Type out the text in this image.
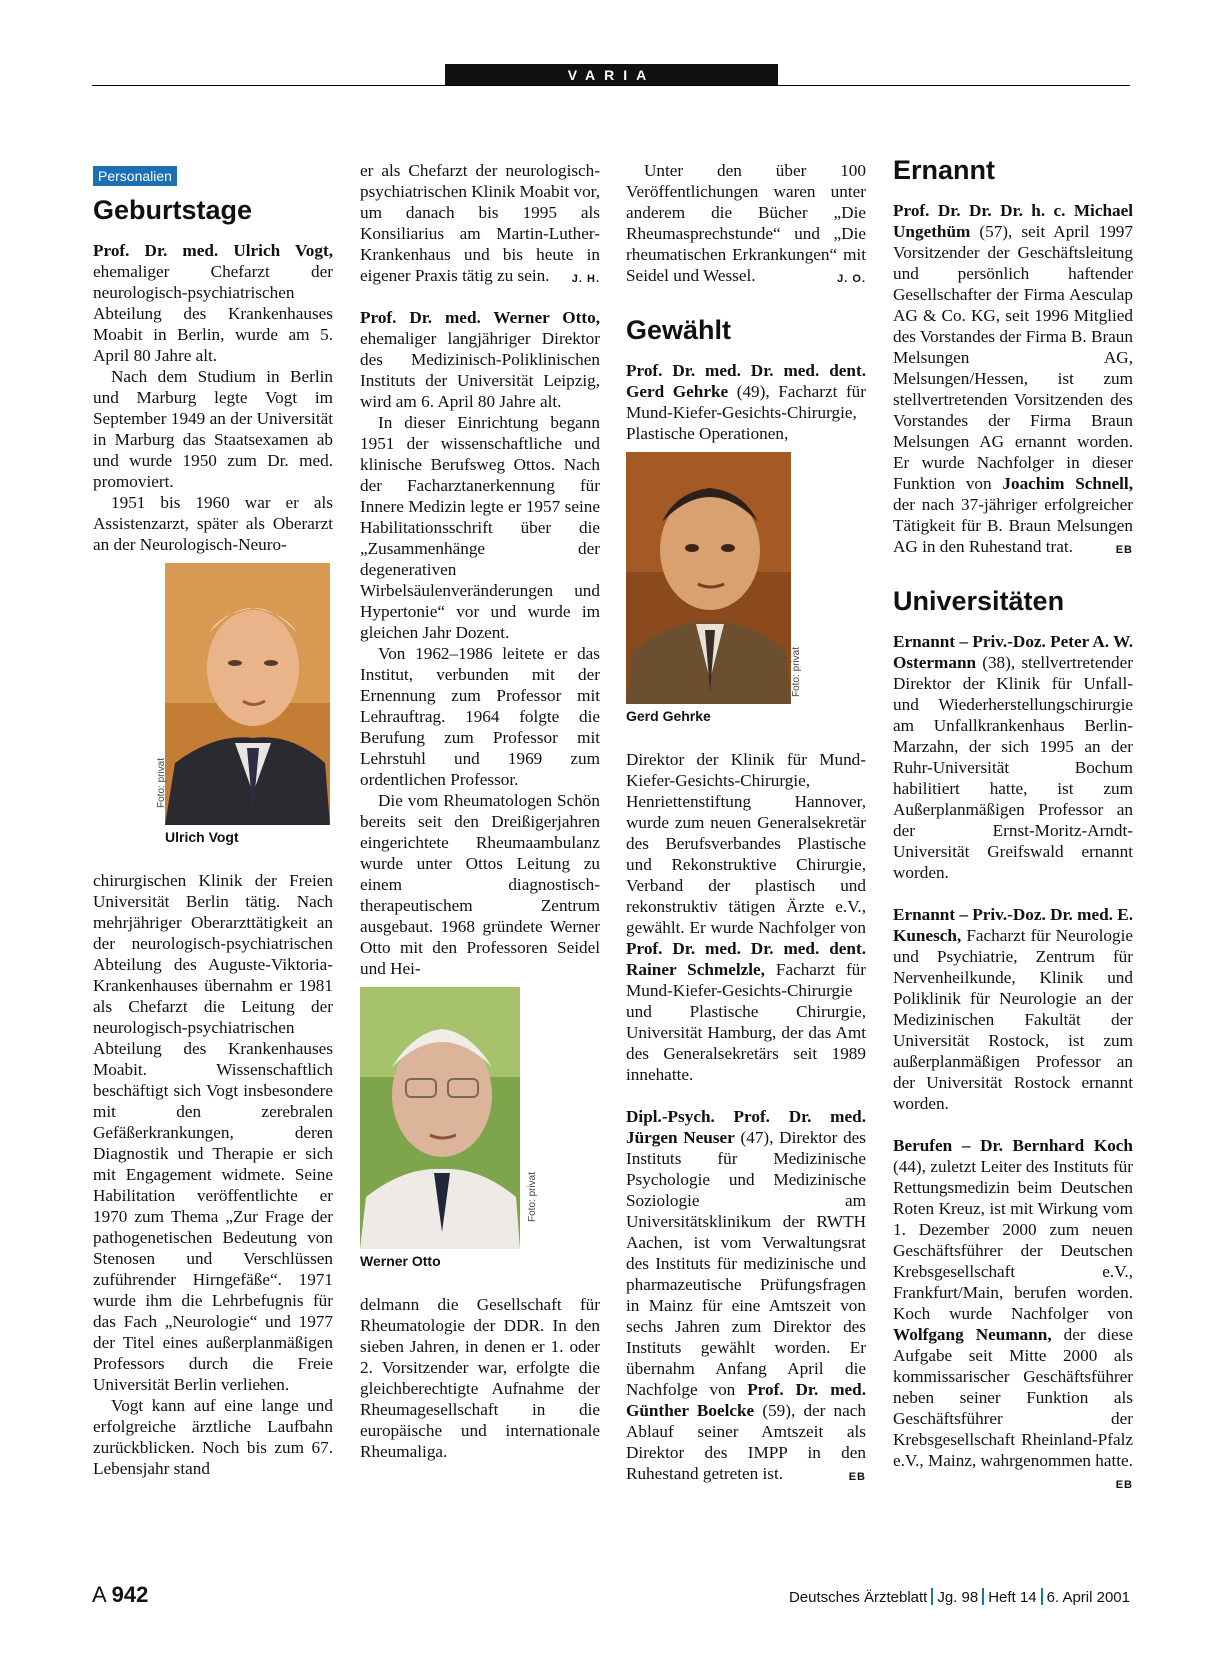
VARIA
Personalien
Geburtstage

Prof. Dr. med. Ulrich Vogt, ehemaliger Chefarzt der neurologisch-psychiatrischen Abteilung des Krankenhauses Moabit in Berlin, wurde am 5. April 80 Jahre alt.

Nach dem Studium in Berlin und Marburg legte Vogt im September 1949 an der Universität in Marburg das Staatsexamen ab und wurde 1950 zum Dr. med. promoviert.

1951 bis 1960 war er als Assistenzarzt, später als Oberarzt an der Neurologisch-Neuro-

Foto: privat
Ulrich Vogt

chirurgischen Klinik der Freien Universität Berlin tätig. Nach mehrjähriger Oberarzttätigkeit an der neurologisch-psychiatrischen Abteilung des Auguste-Viktoria-Krankenhauses übernahm er 1981 als Chefarzt die Leitung der neurologisch-psychiatrischen Abteilung des Krankenhauses Moabit. Wissenschaftlich beschäftigt sich Vogt insbesondere mit den zerebralen Gefäßerkrankungen, deren Diagnostik und Therapie er sich mit Engagement widmete. Seine Habilitation veröffentlichte er 1970 zum Thema „Zur Frage der pathogenetischen Bedeutung von Stenosen und Verschlüssen zuführender Hirngefäße“. 1971 wurde ihm die Lehrbefugnis für das Fach „Neurologie“ und 1977 der Titel eines außerplanmäßigen Professors durch die Freie Universität Berlin verliehen.

Vogt kann auf eine lange und erfolgreiche ärztliche Laufbahn zurückblicken. Noch bis zum 67. Lebensjahr stand

er als Chefarzt der neurologisch-psychiatrischen Klinik Moabit vor, um danach bis 1995 als Konsiliarius am Martin-Luther-Krankenhaus und bis heute in eigener Praxis tätig zu sein. J. H.

Prof. Dr. med. Werner Otto, ehemaliger langjähriger Direktor des Medizinisch-Poliklinischen Instituts der Universität Leipzig, wird am 6. April 80 Jahre alt.

In dieser Einrichtung begann 1951 der wissenschaftliche und klinische Berufsweg Ottos. Nach der Facharztanerkennung für Innere Medizin legte er 1957 seine Habilitationsschrift über die „Zusammenhänge der degenerativen Wirbelsäulenveränderungen und Hypertonie“ vor und wurde im gleichen Jahr Dozent.

Von 1962–1986 leitete er das Institut, verbunden mit der Ernennung zum Professor mit Lehrauftrag. 1964 folgte die Berufung zum Professor mit Lehrstuhl und 1969 zum ordentlichen Professor.

Die vom Rheumatologen Schön bereits seit den Dreißigerjahren eingerichtete Rheumaambulanz wurde unter Ottos Leitung zu einem diagnostisch-therapeutischem Zentrum ausgebaut. 1968 gründete Werner Otto mit den Professoren Seidel und Hei-

Foto: privat
Werner Otto

delmann die Gesellschaft für Rheumatologie der DDR. In den sieben Jahren, in denen er 1. oder 2. Vorsitzender war, erfolgte die gleichberechtigte Aufnahme der Rheumagesellschaft in die europäische und internationale Rheumaliga.

Unter den über 100 Veröffentlichungen waren unter anderem die Bücher „Die Rheumasprechstunde“ und „Die rheumatischen Erkrankungen“ mit Seidel und Wessel.	J. O.

Gewählt

Prof. Dr. med. Dr. med. dent. Gerd Gehrke (49), Facharzt für Mund-Kiefer-Gesichts-Chirurgie, Plastische Operationen,

Foto: privat
Gerd Gehrke

Direktor der Klinik für Mund-Kiefer-Gesichts-Chirurgie, Henriettenstiftung Hannover, wurde zum neuen Generalsekretär des Berufsverbandes Plastische und Rekonstruktive Chirurgie, Verband der plastisch und rekonstruktiv tätigen Ärzte e.V., gewählt. Er wurde Nachfolger von Prof. Dr. med. Dr. med. dent. Rainer Schmelzle, Facharzt für Mund-Kiefer-Gesichts-Chirurgie und Plastische Chirurgie, Universität Hamburg, der das Amt des Generalsekretärs seit 1989 innehatte.

Dipl.-Psych. Prof. Dr. med. Jürgen Neuser (47), Direktor des Instituts für Medizinische Psychologie und Medizinische Soziologie am Universitätsklinikum der RWTH Aachen, ist vom Verwaltungsrat des Instituts für medizinische und pharmazeutische Prüfungsfragen in Mainz für eine Amtszeit von sechs Jahren zum Direktor des Instituts gewählt worden. Er übernahm Anfang April die Nachfolge von Prof. Dr. med. Günther Boelcke (59), der nach Ablauf seiner Amtszeit als Direktor des IMPP in den Ruhestand getreten ist.	EB

Ernannt

Prof. Dr. Dr. Dr. h. c. Michael Ungethüm (57), seit April 1997 Vorsitzender der Geschäftsleitung und persönlich haftender Gesellschafter der Firma Aesculap AG & Co. KG, seit 1996 Mitglied des Vorstandes der Firma B. Braun Melsungen AG, Melsungen/Hessen, ist zum stellvertretenden Vorsitzenden des Vorstandes der Firma Braun Melsungen AG ernannt worden. Er wurde Nachfolger in dieser Funktion von Joachim Schnell, der nach 37-jähriger erfolgreicher Tätigkeit für B. Braun Melsungen AG in den Ruhestand trat.	EB

Universitäten

Ernannt – Priv.-Doz. Peter A. W. Ostermann (38), stellvertretender Direktor der Klinik für Unfall- und Wiederherstellungschirurgie am Unfallkrankenhaus Berlin-Marzahn, der sich 1995 an der Ruhr-Universität Bochum habilitiert hatte, ist zum Außerplanmäßigen Professor an der Ernst-Moritz-Arndt-Universität Greifswald ernannt worden.

Ernannt – Priv.-Doz. Dr. med. E. Kunesch, Facharzt für Neurologie und Psychiatrie, Zentrum für Nervenheilkunde, Klinik und Poliklinik für Neurologie an der Medizinischen Fakultät der Universität Rostock, ist zum außerplanmäßigen Professor an der Universität Rostock ernannt worden.

Berufen – Dr. Bernhard Koch (44), zuletzt Leiter des Instituts für Rettungsmedizin beim Deutschen Roten Kreuz, ist mit Wirkung vom 1. Dezember 2000 zum neuen Geschäftsführer der Deutschen Krebsgesellschaft e.V., Frankfurt/Main, berufen worden. Koch wurde Nachfolger von Wolfgang Neumann, der diese Aufgabe seit Mitte 2000 als kommissarischer Geschäftsführer neben seiner Funktion als Geschäftsführer der Krebsgesellschaft Rheinland-Pfalz e.V., Mainz, wahrgenommen hatte.
EB

A 942	Deutsches Ärzteblatt Jg. 98 Heft 14 6. April 2001
